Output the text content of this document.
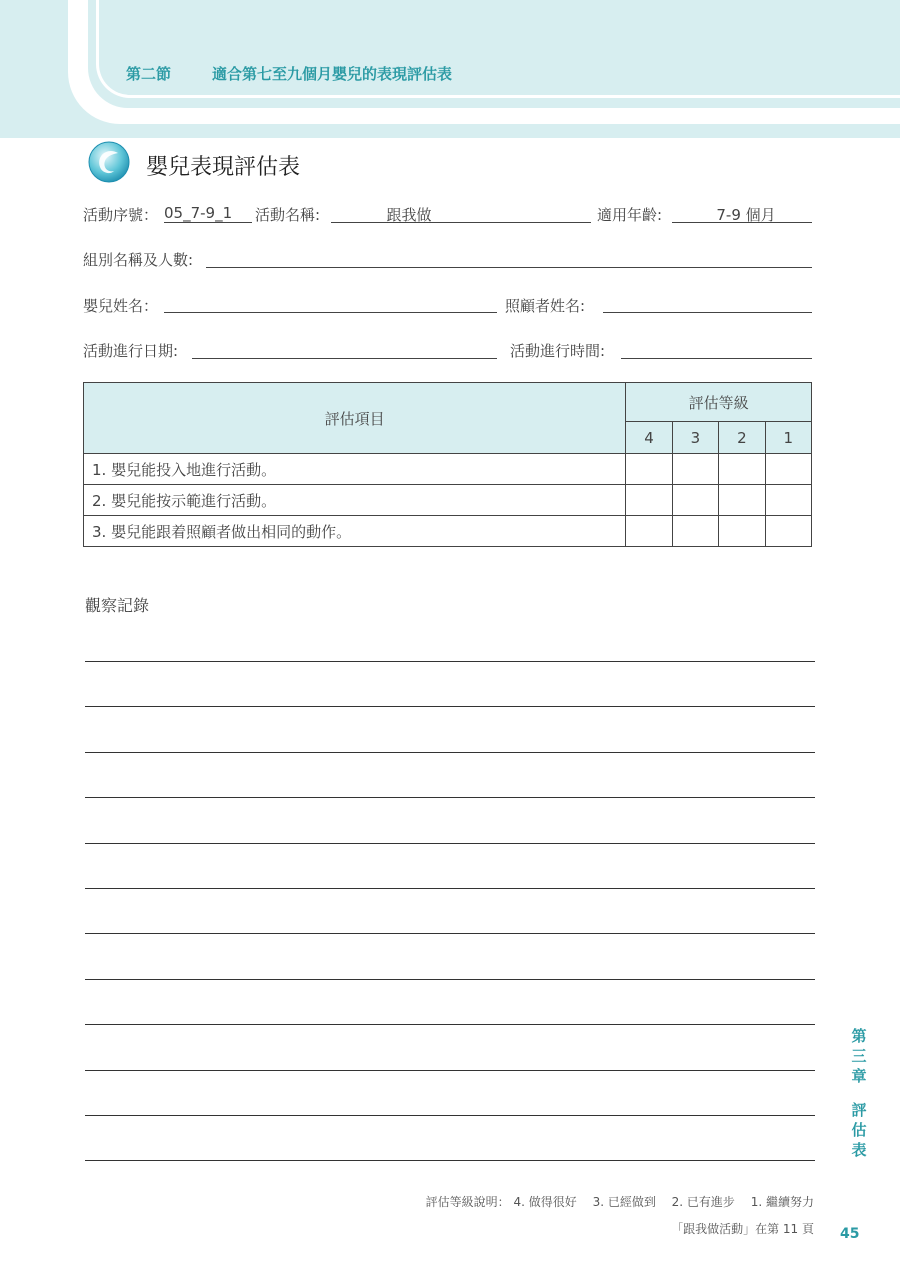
第二節	適合第七至九個月嬰兒的表現評估表
嬰兒表現評估表
活動序號： 05_7-9_1	活動名稱:	跟我做	適用年齡:	7-9 個月
組別名稱及人數:
嬰兒姓名：	照顧者姓名:
活動進行日期:	活動進行時間:
評估項目	評估等級			
	4	3	2	1
1. 嬰兒能投入地進行活動。				
2. 嬰兒能按示範進行活動。				
3. 嬰兒能跟着照顧者做出相同的動作。				
觀察記錄
第
三
章
評
估
表
評估等級說明： 4. 做得很好　 3. 已經做到　 2. 已有進步　 1. 繼續努力
「跟我做活動」在第 11 頁 45
